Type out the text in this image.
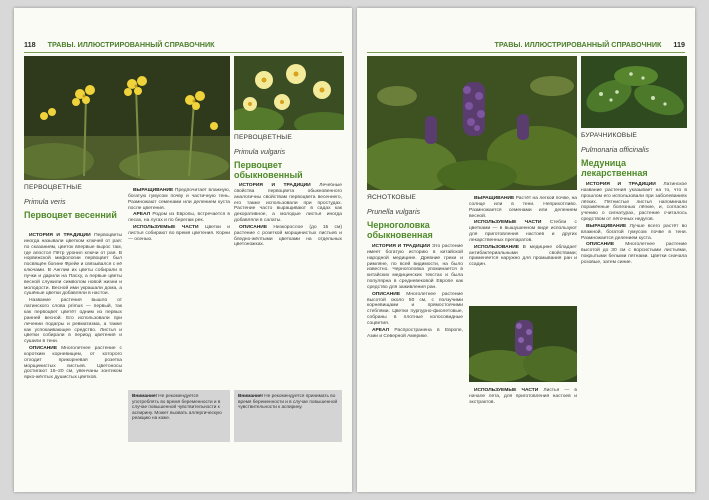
118 ТРАВЫ. ИЛЛЮСТРИРОВАННЫЙ СПРАВОЧНИК
ПЕРВОЦВЕТНЫЕ
Primula veris
Первоцвет весенний

ИСТОРИЯ И ТРАДИЦИИ Первоцветы иногда называли цветком ключей от рая: по сказаниям, цветок впервые вырос там, где апостол Пётр уронил ключи от рая. В норвежской мифологии первоцвет был посвящён богине Фрейе и связывался с её ключами. В Англии их цветы собирали в пучки и дарили на Пасху, а первые цветы весной служили символом новой жизни и молодости. Весной ими украшали дома, а сушёные цветки добавляли в настои.

Название растения вышло от латинского слова primus — первый, так как первоцвет цветёт одним из первых ранней весной. Его использовали при лечении подагры и ревматизма, а также как успокаивающее средство. Листья и цветки собирали в период цветения и сушили в тени.

ОПИСАНИЕ Многолетнее растение с коротким корневищем, от которого отходит прикорневая розетка морщинистых листьев. Цветоносы достигают 15–20 см, увенчаны зонтиком ярко-жёлтых душистых цветков.

ВЫРАЩИВАНИЕ Предпочитает влажную, богатую гумусом почву и частичную тень. Размножают семенами или делением куста после цветения.

АРЕАЛ Родом из Европы, встречается в лесах, на лугах и по берегам рек.

ИСПОЛЬЗУЕМЫЕ ЧАСТИ Цветки и листья собирают во время цветения. Корни — осенью.

Внимание! Не рекомендуется употреблять во время беременности и в случае повышенной чувствительности к аспирину. Может вызвать аллергическую реакцию на коже.
ПЕРВОЦВЕТНЫЕ
Primula vulgaris
Первоцвет обыкновенный

ИСТОРИЯ И ТРАДИЦИИ Лечебные свойства первоцвета обыкновенного аналогичны свойствам первоцвета весеннего, его также использовали при простудах. Растение часто выращивают в садах как декоративное, а молодые листья иногда добавляли в салаты.

ОПИСАНИЕ Низкорослое (до 15 см) растение с розеткой морщинистых листьев и бледно-жёлтыми цветками на отдельных цветоножках.

Внимание! Не рекомендуется принимать во время беременности и в случае повышенной чувствительности к аспирину.
ТРАВЫ. ИЛЛЮСТРИРОВАННЫЙ СПРАВОЧНИК 119
ЯСНОТКОВЫЕ
Prunella vulgaris
Черноголовка обыкновенная

ИСТОРИЯ И ТРАДИЦИИ Это растение имеет богатую историю в китайской народной медицине. Древние греки и римляне, по всей видимости, на было известно. Черноголовка упоминается в китайских медицинских текстах и была популярна в средневековой Европе как средство для заживления ран.

ОПИСАНИЕ Многолетнее растение высотой около 50 см, с ползучими корневищами и прямостоячими стеблями. Цветки пурпурно-фиолетовые, собраны в плотные колосовидные соцветия.

АРЕАЛ Распространена в Европе, Азии и Северной Америке.

ВЫРАЩИВАНИЕ Растёт на легкой почве, на солнце или в тени. Неприхотливо. Размножается семенами или делением весной.

ИСПОЛЬЗУЕМЫЕ ЧАСТИ Стебли с цветками — в вышушенном виде используют для приготовления настоев и других лекарственных препаратов.

ИСПОЛЬЗОВАНИЕ В медицине обладает антибактериальными свойствами; применяется наружно для промывания ран и ссадин.

ИСПОЛЬЗУЕМЫЕ ЧАСТИ Листья — в начале лета, для приготовления настоев и экстрактов.

БУРАЧНИКОВЫЕ
Pulmonaria officinalis
Медуница лекарственная

ИСТОРИЯ И ТРАДИЦИИ Латинское название растения указывает на то, что в прошлом его использовали при заболеваниях лёгких. Пятнистые листья напоминали поражённые болезнью лёгкие, и, согласно учению о сигнатурах, растение считалось средством от лёгочных недугов.

ВЫРАЩИВАНИЕ Лучше всего растёт во влажной, богатой гумусом почве в тени. Размножается делением куста.

ОПИСАНИЕ Многолетнее растение высотой до 30 см с ворсистыми листьями, покрытыми белыми пятнами. Цветки сначала розовые, затем синие.
